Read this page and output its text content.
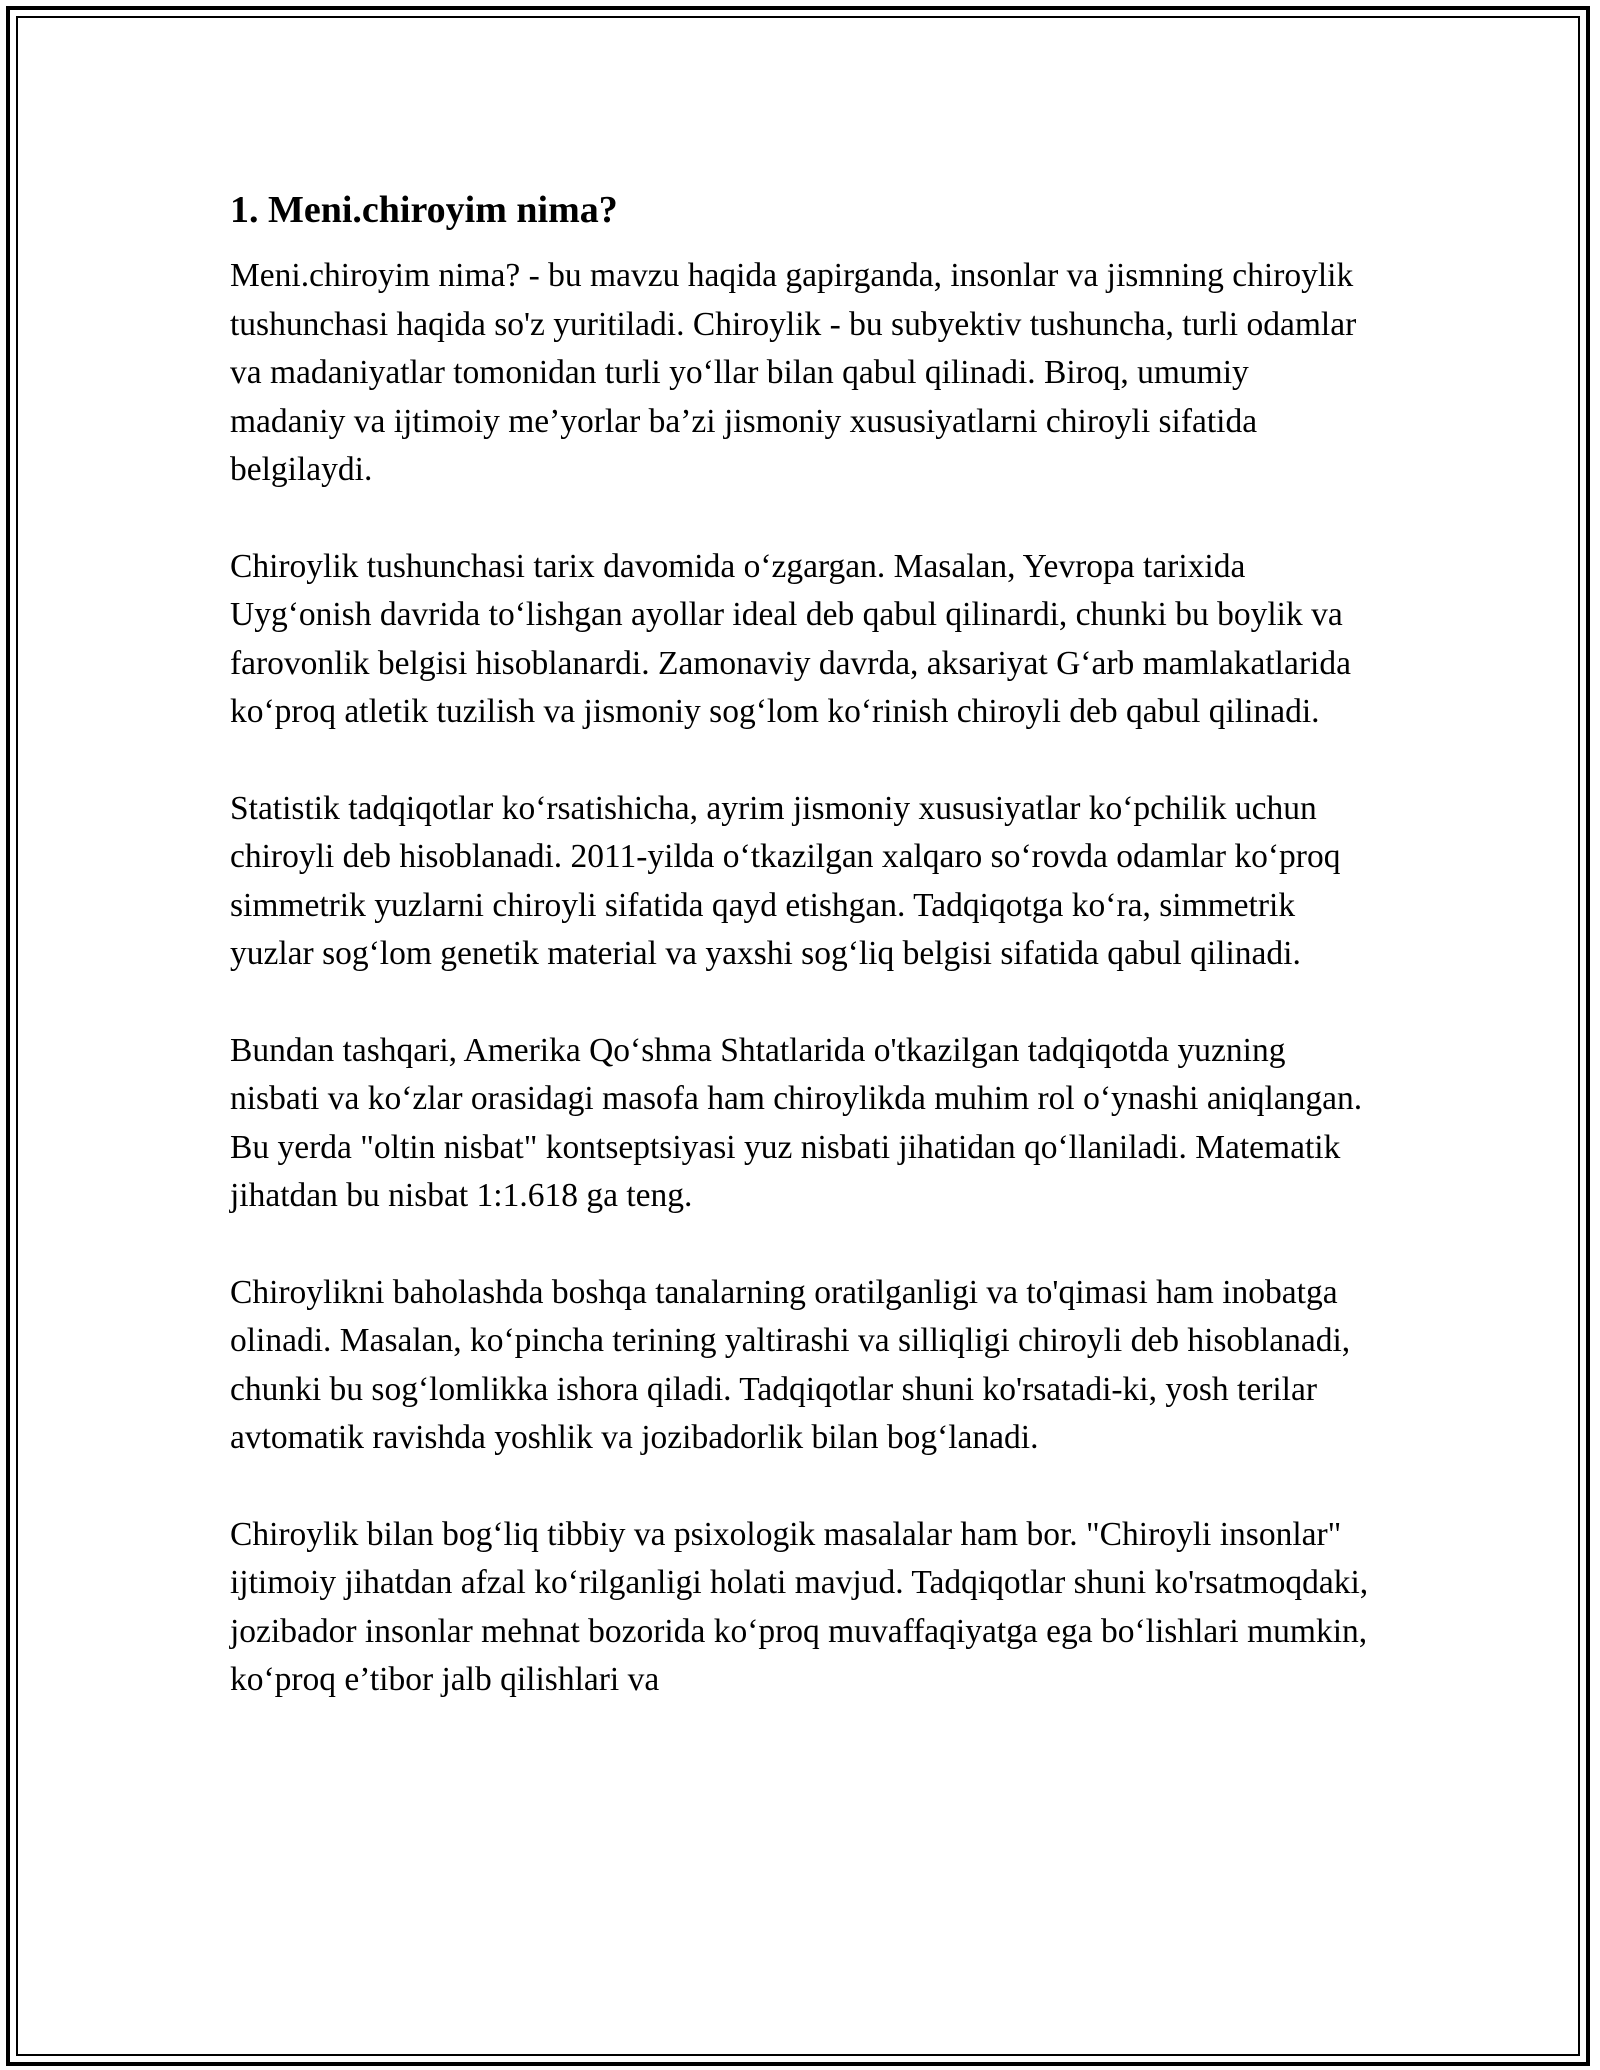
1. Meni.chiroyim nima?

Meni.chiroyim nima? - bu mavzu haqida gapirganda, insonlar va jismning chiroylik tushunchasi haqida so'z yuritiladi. Chiroylik - bu subyektiv tushuncha, turli odamlar va madaniyatlar tomonidan turli yo‘llar bilan qabul qilinadi. Biroq, umumiy madaniy va ijtimoiy me’yorlar ba’zi jismoniy xususiyatlarni chiroyli sifatida belgilaydi.

Chiroylik tushunchasi tarix davomida o‘zgargan. Masalan, Yevropa tarixida Uyg‘onish davrida to‘lishgan ayollar ideal deb qabul qilinardi, chunki bu boylik va farovonlik belgisi hisoblanardi. Zamonaviy davrda, aksariyat G‘arb mamlakatlarida ko‘proq atletik tuzilish va jismoniy sog‘lom ko‘rinish chiroyli deb qabul qilinadi.

Statistik tadqiqotlar ko‘rsatishicha, ayrim jismoniy xususiyatlar ko‘pchilik uchun chiroyli deb hisoblanadi. 2011-yilda o‘tkazilgan xalqaro so‘rovda odamlar ko‘proq simmetrik yuzlarni chiroyli sifatida qayd etishgan. Tadqiqotga ko‘ra, simmetrik yuzlar sog‘lom genetik material va yaxshi sog‘liq belgisi sifatida qabul qilinadi.

Bundan tashqari, Amerika Qo‘shma Shtatlarida o'tkazilgan tadqiqotda yuzning nisbati va ko‘zlar orasidagi masofa ham chiroylikda muhim rol o‘ynashi aniqlangan. Bu yerda "oltin nisbat" kontseptsiyasi yuz nisbati jihatidan qo‘llaniladi. Matematik jihatdan bu nisbat 1:1.618 ga teng.

Chiroylikni baholashda boshqa tanalarning oratilganligi va to'qimasi ham inobatga olinadi. Masalan, ko‘pincha terining yaltirashi va silliqligi chiroyli deb hisoblanadi, chunki bu sog‘lomlikka ishora qiladi. Tadqiqotlar shuni ko'rsatadi-ki, yosh terilar avtomatik ravishda yoshlik va jozibadorlik bilan bog‘lanadi.

Chiroylik bilan bog‘liq tibbiy va psixologik masalalar ham bor. "Chiroyli insonlar" ijtimoiy jihatdan afzal ko‘rilganligi holati mavjud. Tadqiqotlar shuni ko'rsatmoqdaki, jozibador insonlar mehnat bozorida ko‘proq muvaffaqiyatga ega bo‘lishlari mumkin, ko‘proq e’tibor jalb qilishlari va
